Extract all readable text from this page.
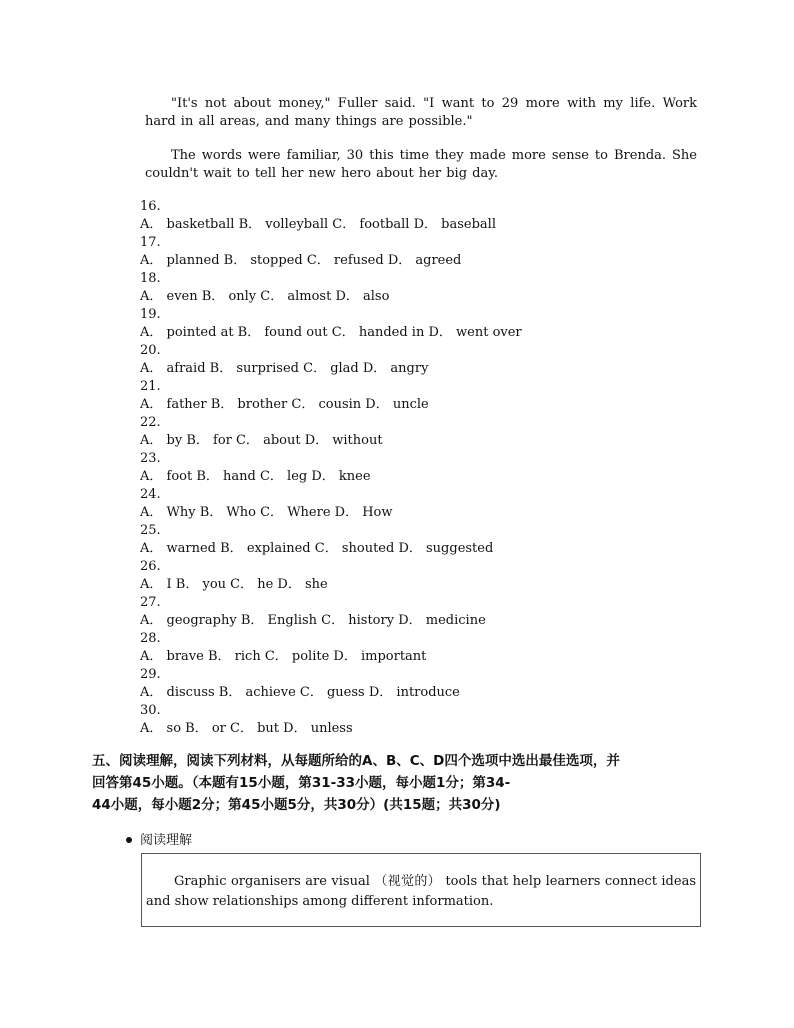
"It's not about money," Fuller said. "I want to 29 more with my life. Work hard in all areas, and many things are possible."

The words were familiar, 30 this time they made more sense to Brenda. She couldn't wait to tell her new hero about her big day.

16.
A． basketball B． volleyball C． football D． baseball
17.
A． planned B． stopped C． refused D． agreed
18.
A． even B． only C． almost D． also
19.
A． pointed at B． found out C． handed in D． went over
20.
A． afraid B． surprised C． glad D． angry
21.
A． father B． brother C． cousin D． uncle
22.
A． by B． for C． about D． without
23.
A． foot B． hand C． leg D． knee
24.
A． Why B． Who C． Where D． How
25.
A． warned B． explained C． shouted D． suggested
26.
A． I B． you C． he D． she
27.
A． geography B． English C． history D． medicine
28.
A． brave B． rich C． polite D． important
29.
A． discuss B． achieve C． guess D． introduce
30.
A． so B． or C． but D． unless
五、阅读理解，阅读下列材料，从每题所给的A、B、C、D四个选项中选出最佳选项，并
回答第45小题。（本题有15小题，第31-33小题，每小题1分；第34-
44小题，每小题2分；第45小题5分，共30分）(共15题；共30分)
阅读理解

Graphic organisers are visual （视觉的） tools that help learners connect ideas and show relationships among different information.
